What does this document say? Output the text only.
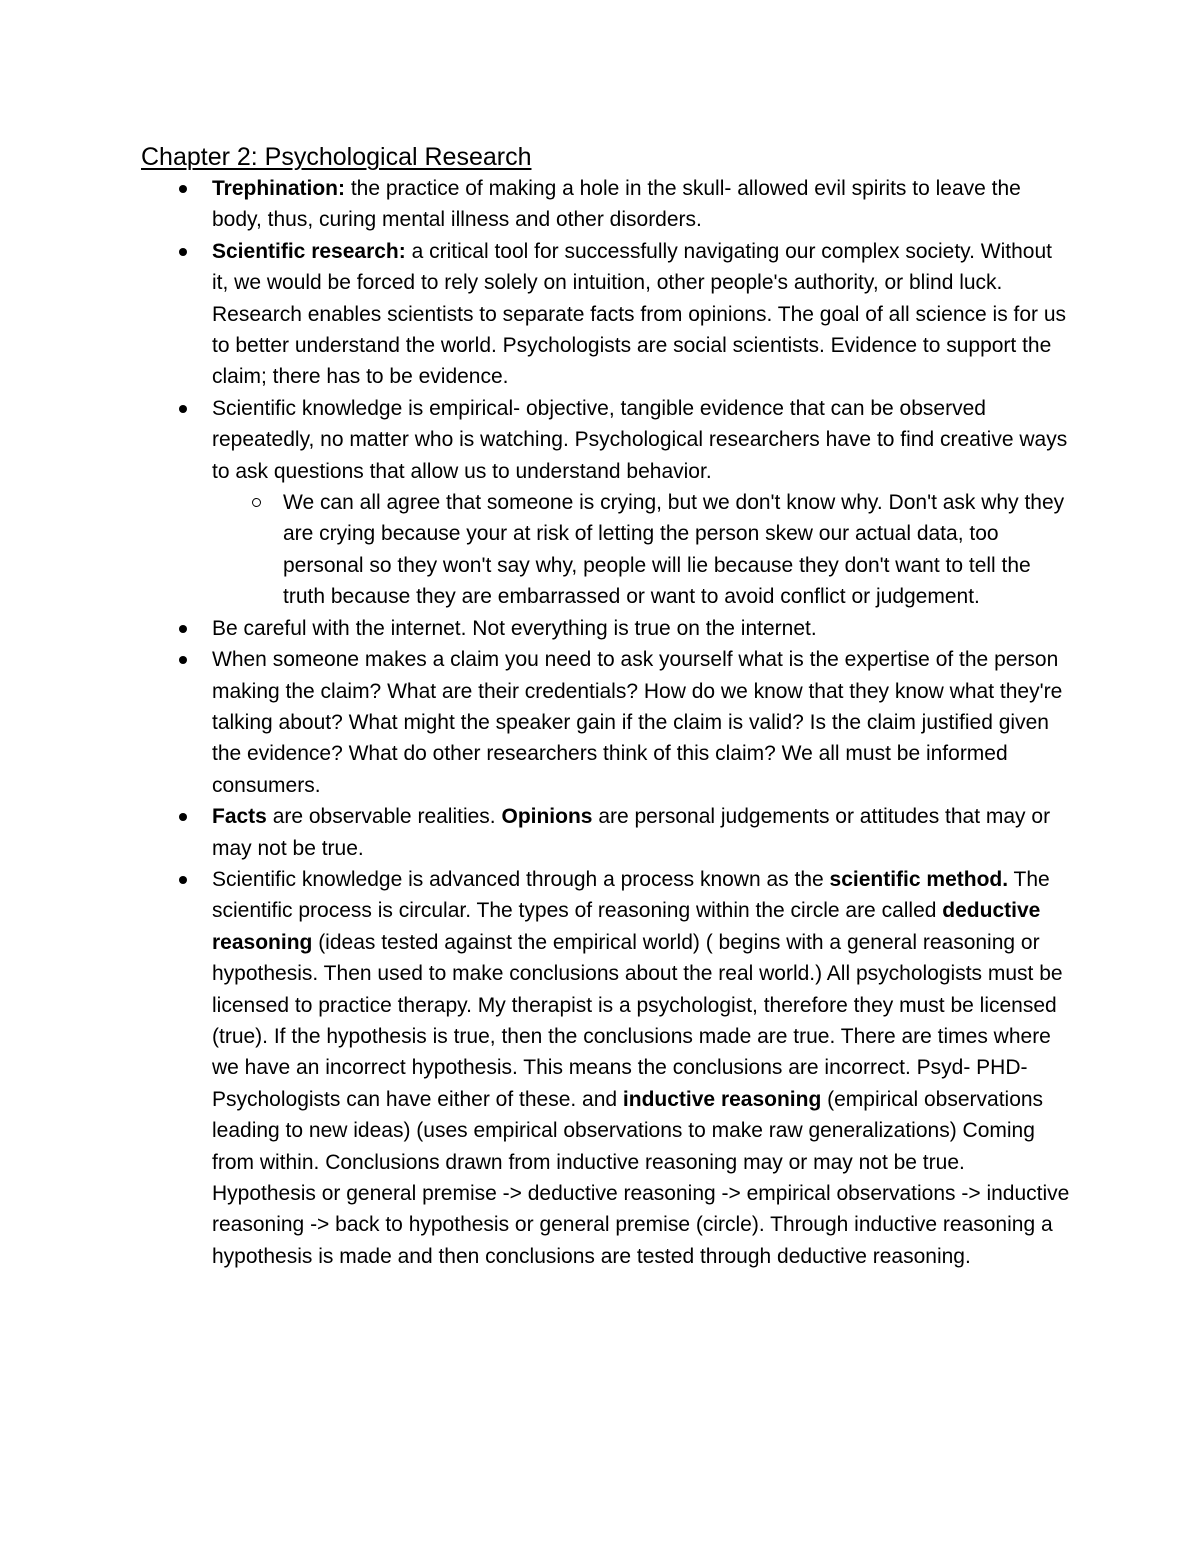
Chapter 2: Psychological Research
Trephination: the practice of making a hole in the skull- allowed evil spirits to leave the body, thus, curing mental illness and other disorders.
Scientific research: a critical tool for successfully navigating our complex society. Without it, we would be forced to rely solely on intuition, other people's authority, or blind luck. Research enables scientists to separate facts from opinions. The goal of all science is for us to better understand the world. Psychologists are social scientists. Evidence to support the claim; there has to be evidence.
Scientific knowledge is empirical- objective, tangible evidence that can be observed repeatedly, no matter who is watching. Psychological researchers have to find creative ways to ask questions that allow us to understand behavior.
We can all agree that someone is crying, but we don't know why. Don't ask why they are crying because your at risk of letting the person skew our actual data, too personal so they won't say why, people will lie because they don't want to tell the truth because they are embarrassed or want to avoid conflict or judgement.
Be careful with the internet. Not everything is true on the internet.
When someone makes a claim you need to ask yourself what is the expertise of the person making the claim? What are their credentials? How do we know that they know what they're talking about? What might the speaker gain if the claim is valid? Is the claim justified given the evidence? What do other researchers think of this claim? We all must be informed consumers.
Facts are observable realities. Opinions are personal judgements or attitudes that may or may not be true.
Scientific knowledge is advanced through a process known as the scientific method. The scientific process is circular. The types of reasoning within the circle are called deductive reasoning (ideas tested against the empirical world) ( begins with a general reasoning or hypothesis. Then used to make conclusions about the real world.) All psychologists must be licensed to practice therapy. My therapist is a psychologist, therefore they must be licensed (true). If the hypothesis is true, then the conclusions made are true. There are times where we have an incorrect hypothesis. This means the conclusions are incorrect. Psyd- PHD- Psychologists can have either of these. and inductive reasoning (empirical observations leading to new ideas) (uses empirical observations to make raw generalizations) Coming from within. Conclusions drawn from inductive reasoning may or may not be true. Hypothesis or general premise -> deductive reasoning -> empirical observations -> inductive reasoning -> back to hypothesis or general premise (circle). Through inductive reasoning a hypothesis is made and then conclusions are tested through deductive reasoning.
